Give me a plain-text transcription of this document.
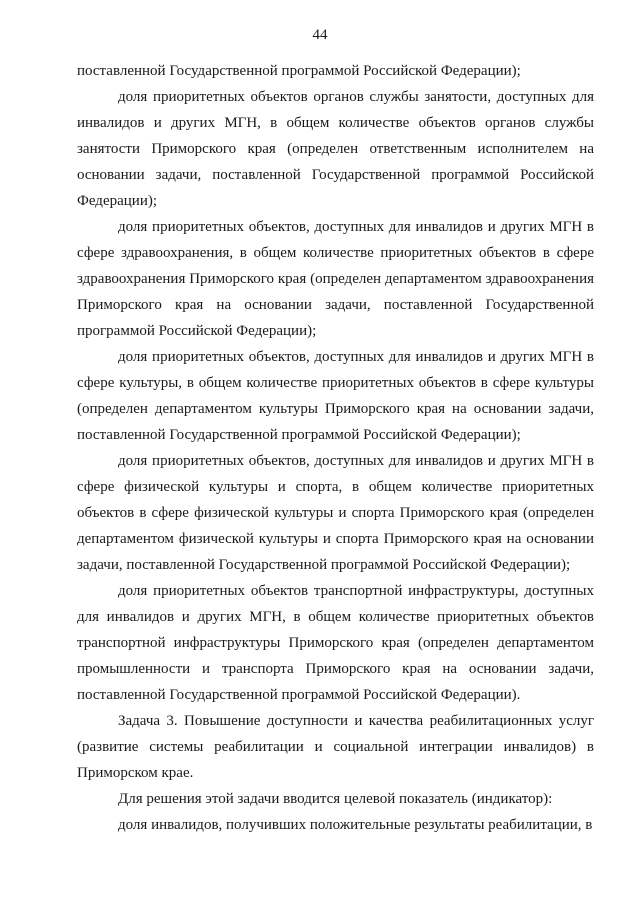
44

поставленной Государственной программой Российской Федерации);

доля приоритетных объектов органов службы занятости, доступных для инвалидов и других МГН, в общем количестве объектов органов службы занятости Приморского края (определен ответственным исполнителем на основании задачи, поставленной Государственной программой Российской Федерации);

доля приоритетных объектов, доступных для инвалидов и других МГН в сфере здравоохранения, в общем количестве приоритетных объектов в сфере здравоохранения Приморского края (определен департаментом здравоохранения Приморского края на основании задачи, поставленной Государственной программой Российской Федерации);

доля приоритетных объектов, доступных для инвалидов и других МГН в сфере культуры, в общем количестве приоритетных объектов в сфере культуры (определен департаментом культуры Приморского края на основании задачи, поставленной Государственной программой Российской Федерации);

доля приоритетных объектов, доступных для инвалидов и других МГН в сфере физической культуры и спорта, в общем количестве приоритетных объектов в сфере физической культуры и спорта Приморского края (определен департаментом физической культуры и спорта Приморского края на основании задачи, поставленной Государственной программой Российской Федерации);

доля приоритетных объектов транспортной инфраструктуры, доступных для инвалидов и других МГН, в общем количестве приоритетных объектов транспортной инфраструктуры Приморского края (определен департаментом промышленности и транспорта Приморского края на основании задачи, поставленной Государственной программой Российской Федерации).

Задача 3. Повышение доступности и качества реабилитационных услуг (развитие системы реабилитации и социальной интеграции инвалидов) в Приморском крае.

Для решения этой задачи вводится целевой показатель (индикатор):

доля инвалидов, получивших положительные результаты реабилитации, в
